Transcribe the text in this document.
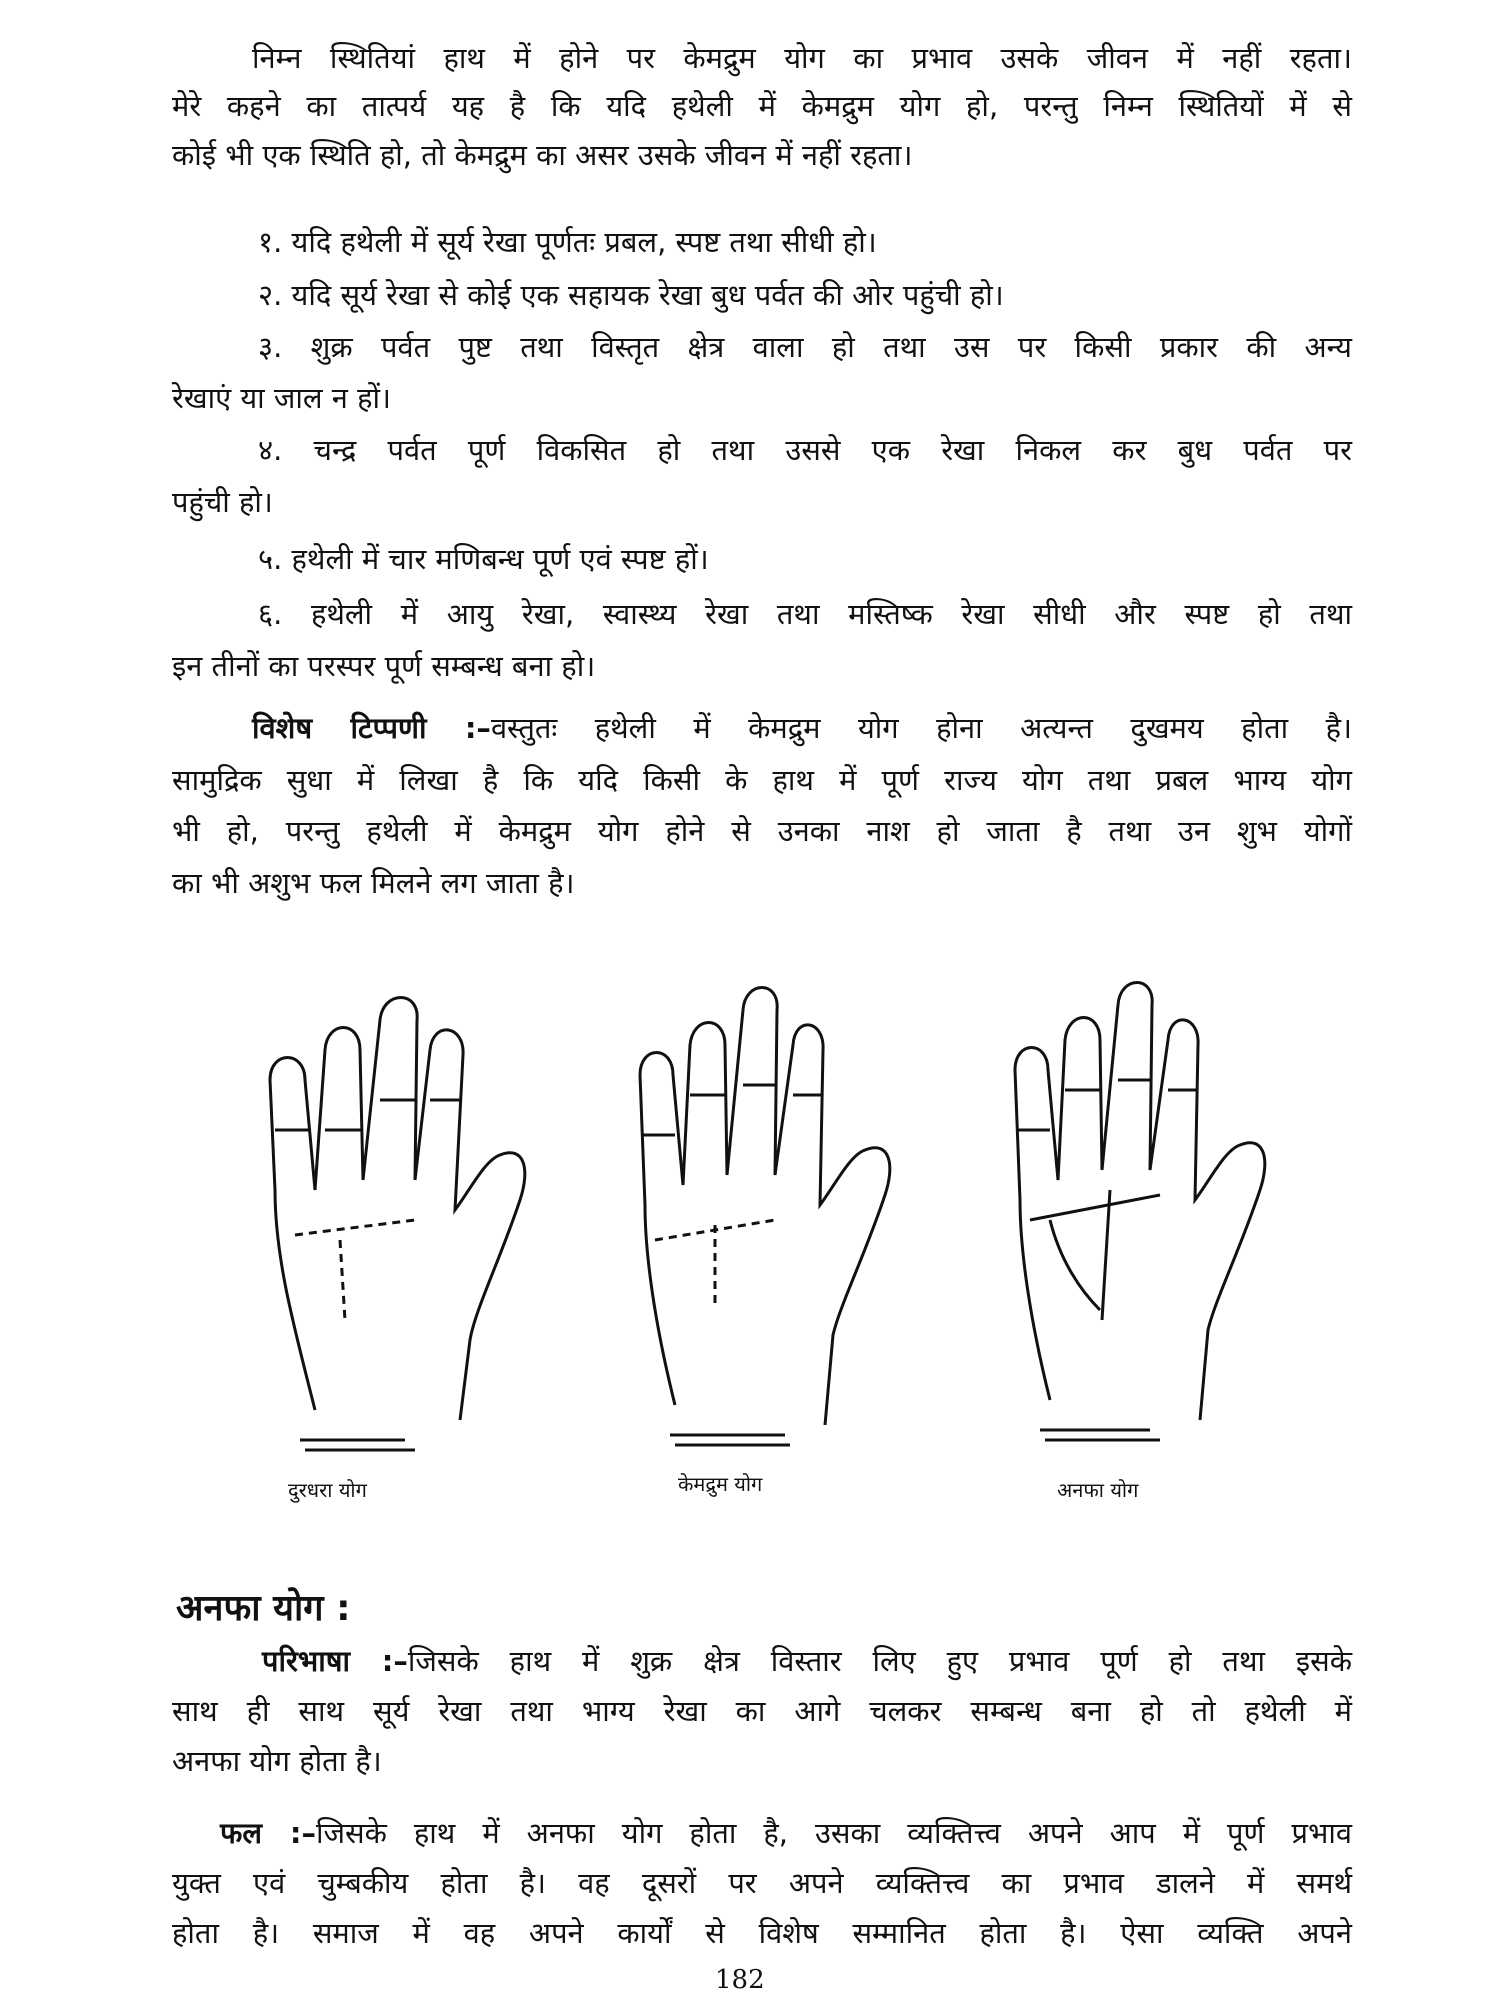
निम्न स्थितियां हाथ में होने पर केमद्रुम योग का प्रभाव उसके जीवन में नहीं रहता।
मेरे कहने का तात्पर्य यह है कि यदि हथेली में केमद्रुम योग हो, परन्तु निम्न स्थितियों में से
कोई भी एक स्थिति हो, तो केमद्रुम का असर उसके जीवन में नहीं रहता।
१. यदि हथेली में सूर्य रेखा पूर्णतः प्रबल, स्पष्ट तथा सीधी हो।
२. यदि सूर्य रेखा से कोई एक सहायक रेखा बुध पर्वत की ओर पहुंची हो।
३. शुक्र पर्वत पुष्ट तथा विस्तृत क्षेत्र वाला हो तथा उस पर किसी प्रकार की अन्य
रेखाएं या जाल न हों।
४. चन्द्र पर्वत पूर्ण विकसित हो तथा उससे एक रेखा निकल कर बुध पर्वत पर
पहुंची हो।
५. हथेली में चार मणिबन्ध पूर्ण एवं स्पष्ट हों।
६. हथेली में आयु रेखा, स्वास्थ्य रेखा तथा मस्तिष्क रेखा सीधी और स्पष्ट हो तथा
इन तीनों का परस्पर पूर्ण सम्बन्ध बना हो।
विशेष टिप्पणी :–वस्तुतः हथेली में केमद्रुम योग होना अत्यन्त दुखमय होता है।
सामुद्रिक सुधा में लिखा है कि यदि किसी के हाथ में पूर्ण राज्य योग तथा प्रबल भाग्य योग
भी हो, परन्तु हथेली में केमद्रुम योग होने से उनका नाश हो जाता है तथा उन शुभ योगों
का भी अशुभ फल मिलने लग जाता है।
दुरधरा योग	केमद्रुम योग	अनफा योग
अनफा योग :
परिभाषा :–जिसके हाथ में शुक्र क्षेत्र विस्तार लिए हुए प्रभाव पूर्ण हो तथा इसके
साथ ही साथ सूर्य रेखा तथा भाग्य रेखा का आगे चलकर सम्बन्ध बना हो तो हथेली में
अनफा योग होता है।
फल :–जिसके हाथ में अनफा योग होता है, उसका व्यक्तित्त्व अपने आप में पूर्ण प्रभाव
युक्त एवं चुम्बकीय होता है। वह दूसरों पर अपने व्यक्तित्त्व का प्रभाव डालने में समर्थ
होता है। समाज में वह अपने कार्यों से विशेष सम्मानित होता है। ऐसा व्यक्ति अपने
182
